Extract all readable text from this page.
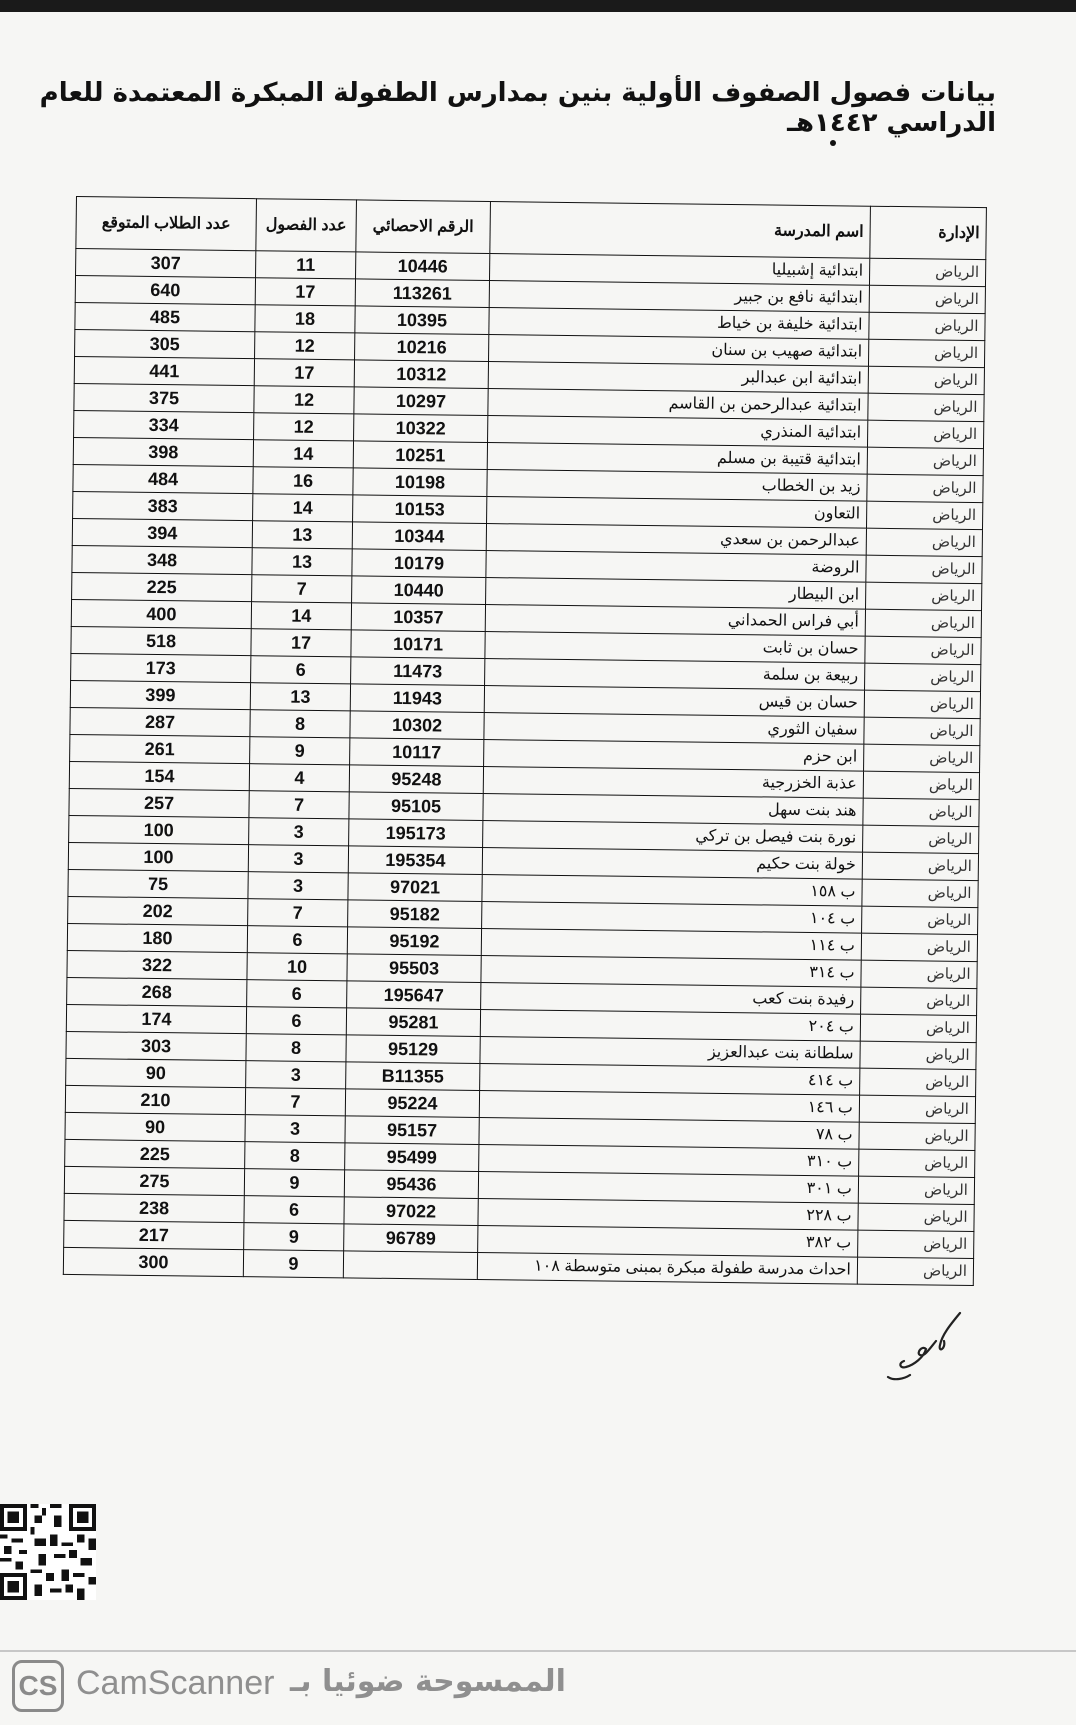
بيانات فصول الصفوف الأولية بنين بمدارس الطفولة المبكرة المعتمدة للعام الدراسي ١٤٤٢هـ
الإدارة	اسم المدرسة	الرقم الاحصائي	عدد الفصول	عدد الطلاب المتوقع
الرياض	ابتدائية إشبيليا	10446	11	307
الرياض	ابتدائية نافع بن جبير	113261	17	640
الرياض	ابتدائية خليفة بن خياط	10395	18	485
الرياض	ابتدائية صهيب بن سنان	10216	12	305
الرياض	ابتدائية ابن عبدالبر	10312	17	441
الرياض	ابتدائية عبدالرحمن بن القاسم	10297	12	375
الرياض	ابتدائية المنذري	10322	12	334
الرياض	ابتدائية قتيبة بن مسلم	10251	14	398
الرياض	زيد بن الخطاب	10198	16	484
الرياض	التعاون	10153	14	383
الرياض	عبدالرحمن بن سعدي	10344	13	394
الرياض	الروضة	10179	13	348
الرياض	ابن البيطار	10440	7	225
الرياض	أبي فراس الحمداني	10357	14	400
الرياض	حسان بن ثابت	10171	17	518
الرياض	ربيعة بن سلمة	11473	6	173
الرياض	حسان بن قيس	11943	13	399
الرياض	سفيان الثوري	10302	8	287
الرياض	ابن حزم	10117	9	261
الرياض	عذبة الخزرجية	95248	4	154
الرياض	هند بنت سهل	95105	7	257
الرياض	نورة بنت فيصل بن تركي	195173	3	100
الرياض	خولة بنت حكيم	195354	3	100
الرياض	ب ١٥٨	97021	3	75
الرياض	ب ١٠٤	95182	7	202
الرياض	ب ١١٤	95192	6	180
الرياض	ب ٣١٤	95503	10	322
الرياض	رفيدة بنت كعب	195647	6	268
الرياض	ب ٢٠٤	95281	6	174
الرياض	سلطانة بنت عبدالعزيز	95129	8	303
الرياض	ب ٤١٤	B11355	3	90
الرياض	ب ١٤٦	95224	7	210
الرياض	ب ٧٨	95157	3	90
الرياض	ب ٣١٠	95499	8	225
الرياض	ب ٣٠١	95436	9	275
الرياض	ب ٢٢٨	97022	6	238
الرياض	ب ٣٨٢	96789	9	217
الرياض	احداث مدرسة طفولة مبكرة بمبنى متوسطة ١٠٨		9	300
CS CamScanner الممسوحة ضوئيا بـ
